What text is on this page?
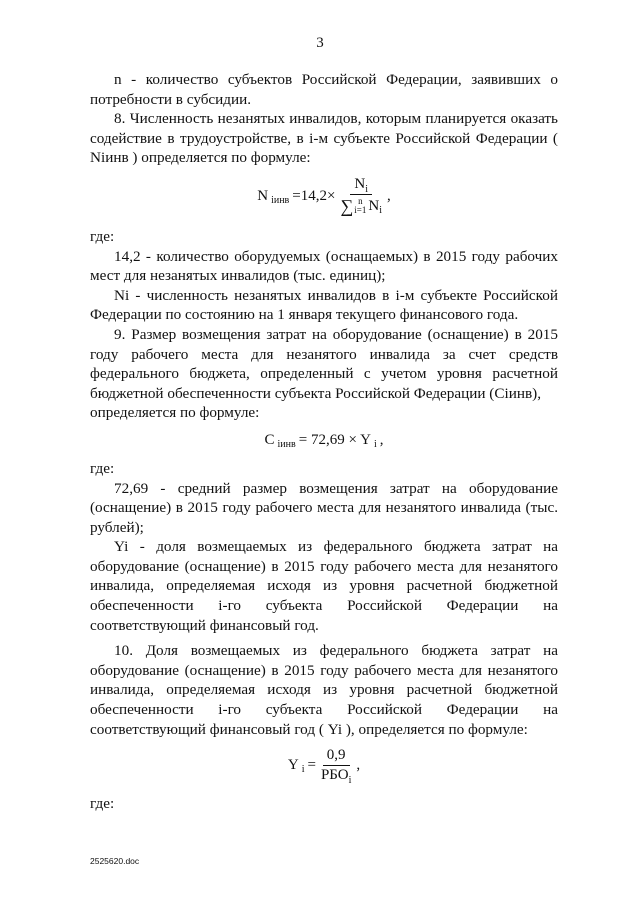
3

n - количество субъектов Российской Федерации, заявивших о потребности в субсидии.

8. Численность незанятых инвалидов, которым планируется оказать содействие в трудоустройстве, в i-м субъекте Российской Федерации ( Niинв ) определяется по формуле:

N iинв =14,2×
$N_i$
∑ n
i=1 N i
,

где:

14,2 - количество оборудуемых (оснащаемых) в 2015 году рабочих мест для незанятых инвалидов (тыс. единиц);

Ni - численность незанятых инвалидов в i-м субъекте Российской Федерации по состоянию на 1 января текущего финансового года.

9. Размер возмещения затрат на оборудование (оснащение) в 2015 году рабочего места для незанятого инвалида за счет средств федерального бюджета, определенный с учетом уровня расчетной бюджетной обеспеченности субъекта Российской Федерации (Ciинв),

определяется по формуле:

C iинв = 72,69 × Y i ,

где:

72,69 - средний размер возмещения затрат на оборудование (оснащение) в 2015 году рабочего места для незанятого инвалида (тыс. рублей);

Yi - доля возмещаемых из федерального бюджета затрат на оборудование (оснащение) в 2015 году рабочего места для незанятого инвалида, определяемая исходя из уровня расчетной бюджетной обеспеченности i-го субъекта Российской Федерации на соответствующий финансовый год.

10. Доля возмещаемых из федерального бюджета затрат на оборудование (оснащение) в 2015 году рабочего места для незанятого инвалида, определяемая исходя из уровня расчетной бюджетной обеспеченности i-го субъекта Российской Федерации на соответствующий финансовый год ( Yi ), определяется по формуле:

Y $i = \frac{0,9}{РБО_i}$ ,

где:

2525620.doc
